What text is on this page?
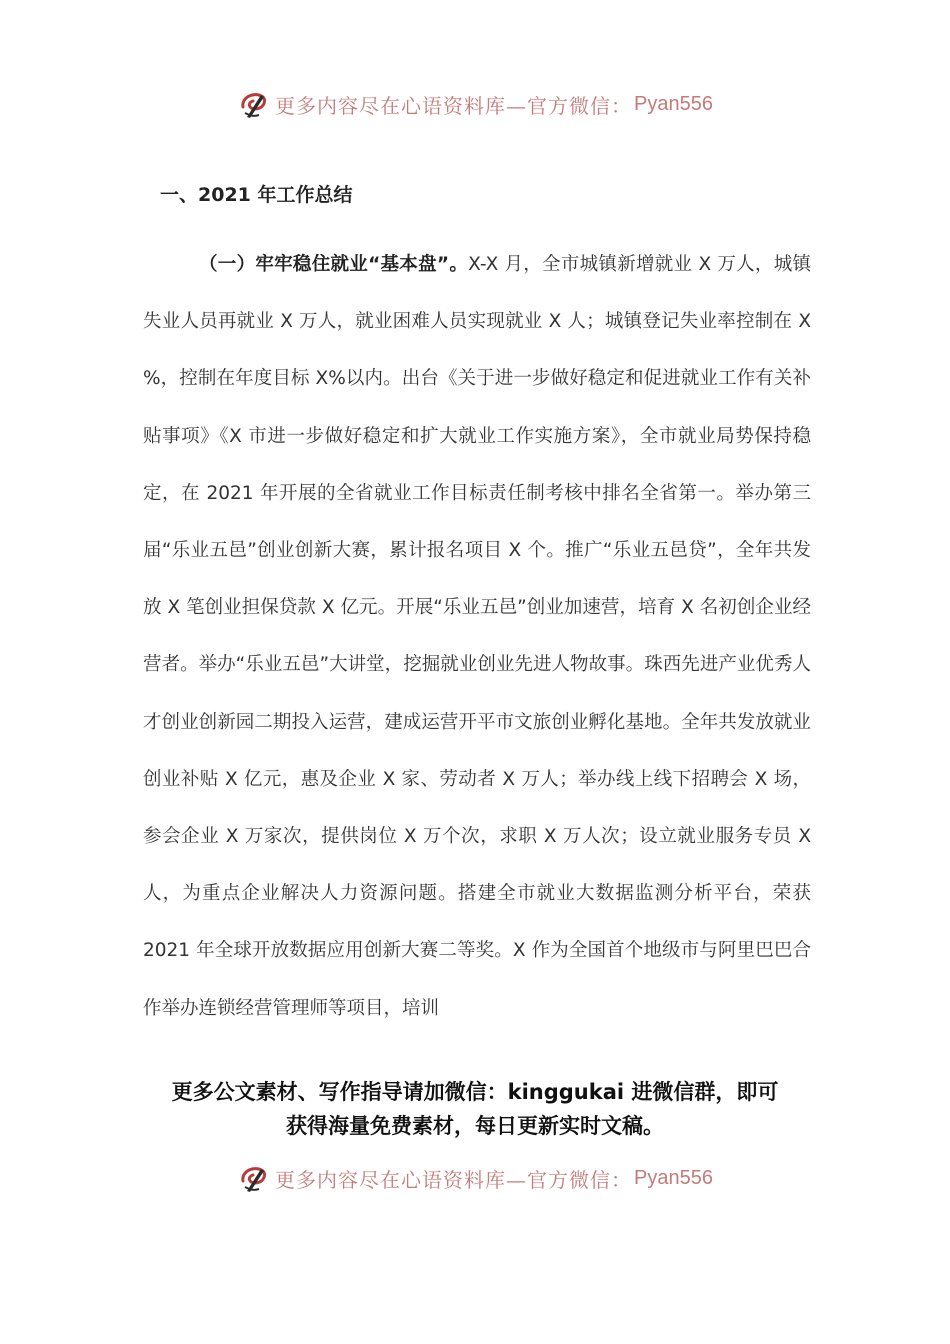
更多内容尽在心语资料库—官方微信： Pyan556
一、2021 年工作总结

（一）牢牢稳住就业“基本盘”。X-X 月，全市城镇新增就业 X 万人，城镇失业人员再就业 X 万人，就业困难人员实现就业 X 人；城镇登记失业率控制在 X %，控制在年度目标 X%以内。出台《关于进一步做好稳定和促进就业工作有关补贴事项》《X 市进一步做好稳定和扩大就业工作实施方案》，全市就业局势保持稳定，在 2021 年开展的全省就业工作目标责任制考核中排名全省第一。举办第三届“乐业五邑”创业创新大赛，累计报名项目 X 个。推广“乐业五邑贷”，全年共发放 X 笔创业担保贷款 X 亿元。开展“乐业五邑”创业加速营，培育 X 名初创企业经营者。举办“乐业五邑”大讲堂，挖掘就业创业先进人物故事。珠西先进产业优秀人才创业创新园二期投入运营，建成运营开平市文旅创业孵化基地。全年共发放就业创业补贴 X 亿元，惠及企业 X 家、劳动者 X 万人；举办线上线下招聘会 X 场，参会企业 X 万家次，提供岗位 X 万个次，求职 X 万人次；设立就业服务专员 X 人，为重点企业解决人力资源问题。搭建全市就业大数据监测分析平台，荣获 2021 年全球开放数据应用创新大赛二等奖。X 作为全国首个地级市与阿里巴巴合作举办连锁经营管理师等项目，培训

更多公文素材、写作指导请加微信：kinggukai 进微信群，即可
获得海量免费素材，每日更新实时文稿。
更多内容尽在心语资料库—官方微信： Pyan556
